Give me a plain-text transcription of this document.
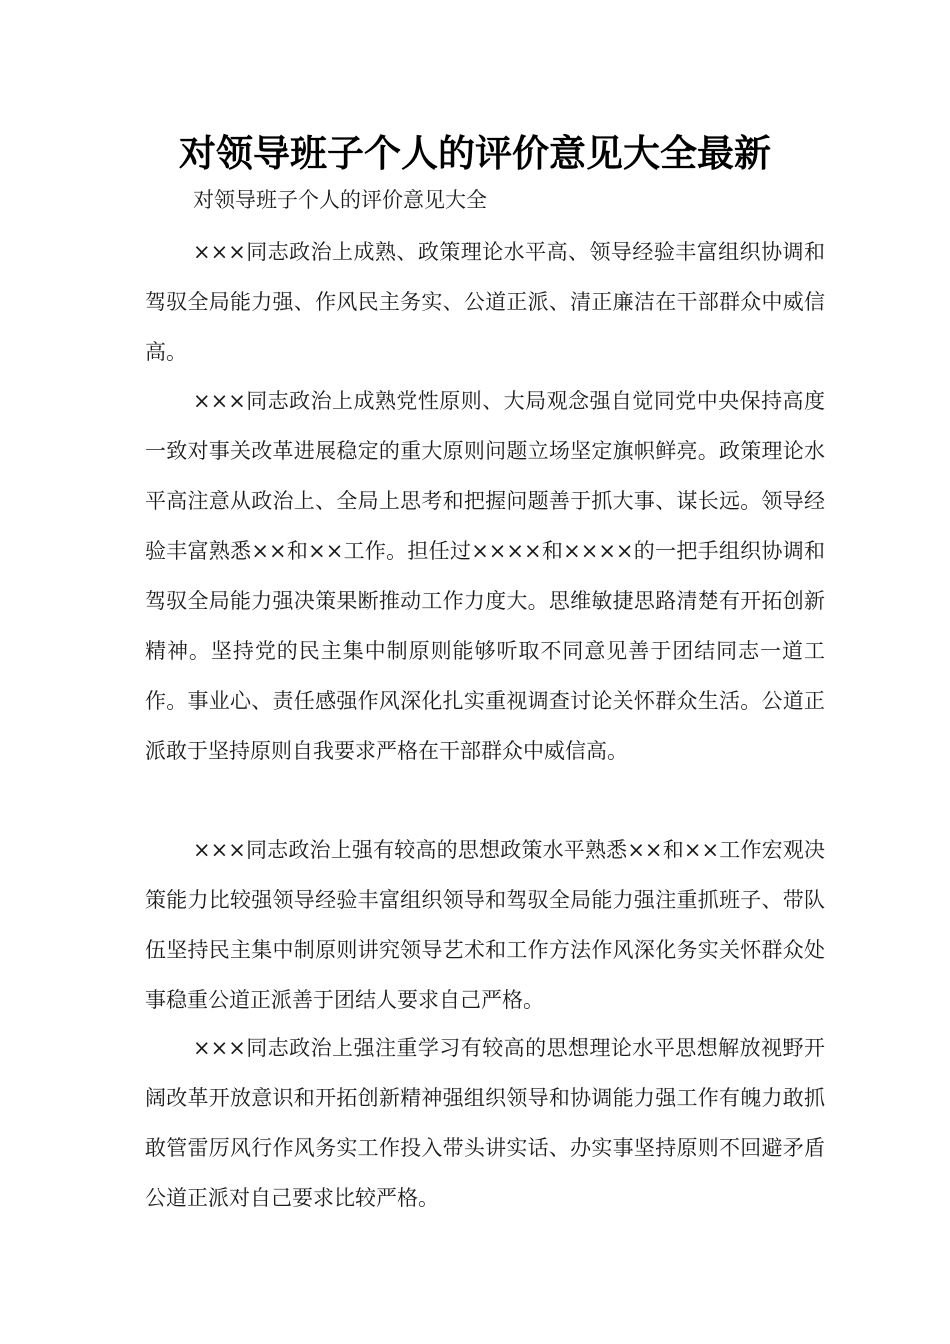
对领导班子个人的评价意见大全最新

对领导班子个人的评价意见大全

×××同志政治上成熟、政策理论水平高、领导经验丰富组织协调和驾驭全局能力强、作风民主务实、公道正派、清正廉洁在干部群众中威信高。

×××同志政治上成熟党性原则、大局观念强自觉同党中央保持高度一致对事关改革进展稳定的重大原则问题立场坚定旗帜鲜亮。政策理论水平高注意从政治上、全局上思考和把握问题善于抓大事、谋长远。领导经验丰富熟悉××和××工作。担任过××××和××××的一把手组织协调和驾驭全局能力强决策果断推动工作力度大。思维敏捷思路清楚有开拓创新精神。坚持党的民主集中制原则能够听取不同意见善于团结同志一道工作。事业心、责任感强作风深化扎实重视调查讨论关怀群众生活。公道正派敢于坚持原则自我要求严格在干部群众中威信高。

×××同志政治上强有较高的思想政策水平熟悉××和××工作宏观决策能力比较强领导经验丰富组织领导和驾驭全局能力强注重抓班子、带队伍坚持民主集中制原则讲究领导艺术和工作方法作风深化务实关怀群众处事稳重公道正派善于团结人要求自己严格。

×××同志政治上强注重学习有较高的思想理论水平思想解放视野开阔改革开放意识和开拓创新精神强组织领导和协调能力强工作有魄力敢抓敢管雷厉风行作风务实工作投入带头讲实话、办实事坚持原则不回避矛盾公道正派对自己要求比较严格。
